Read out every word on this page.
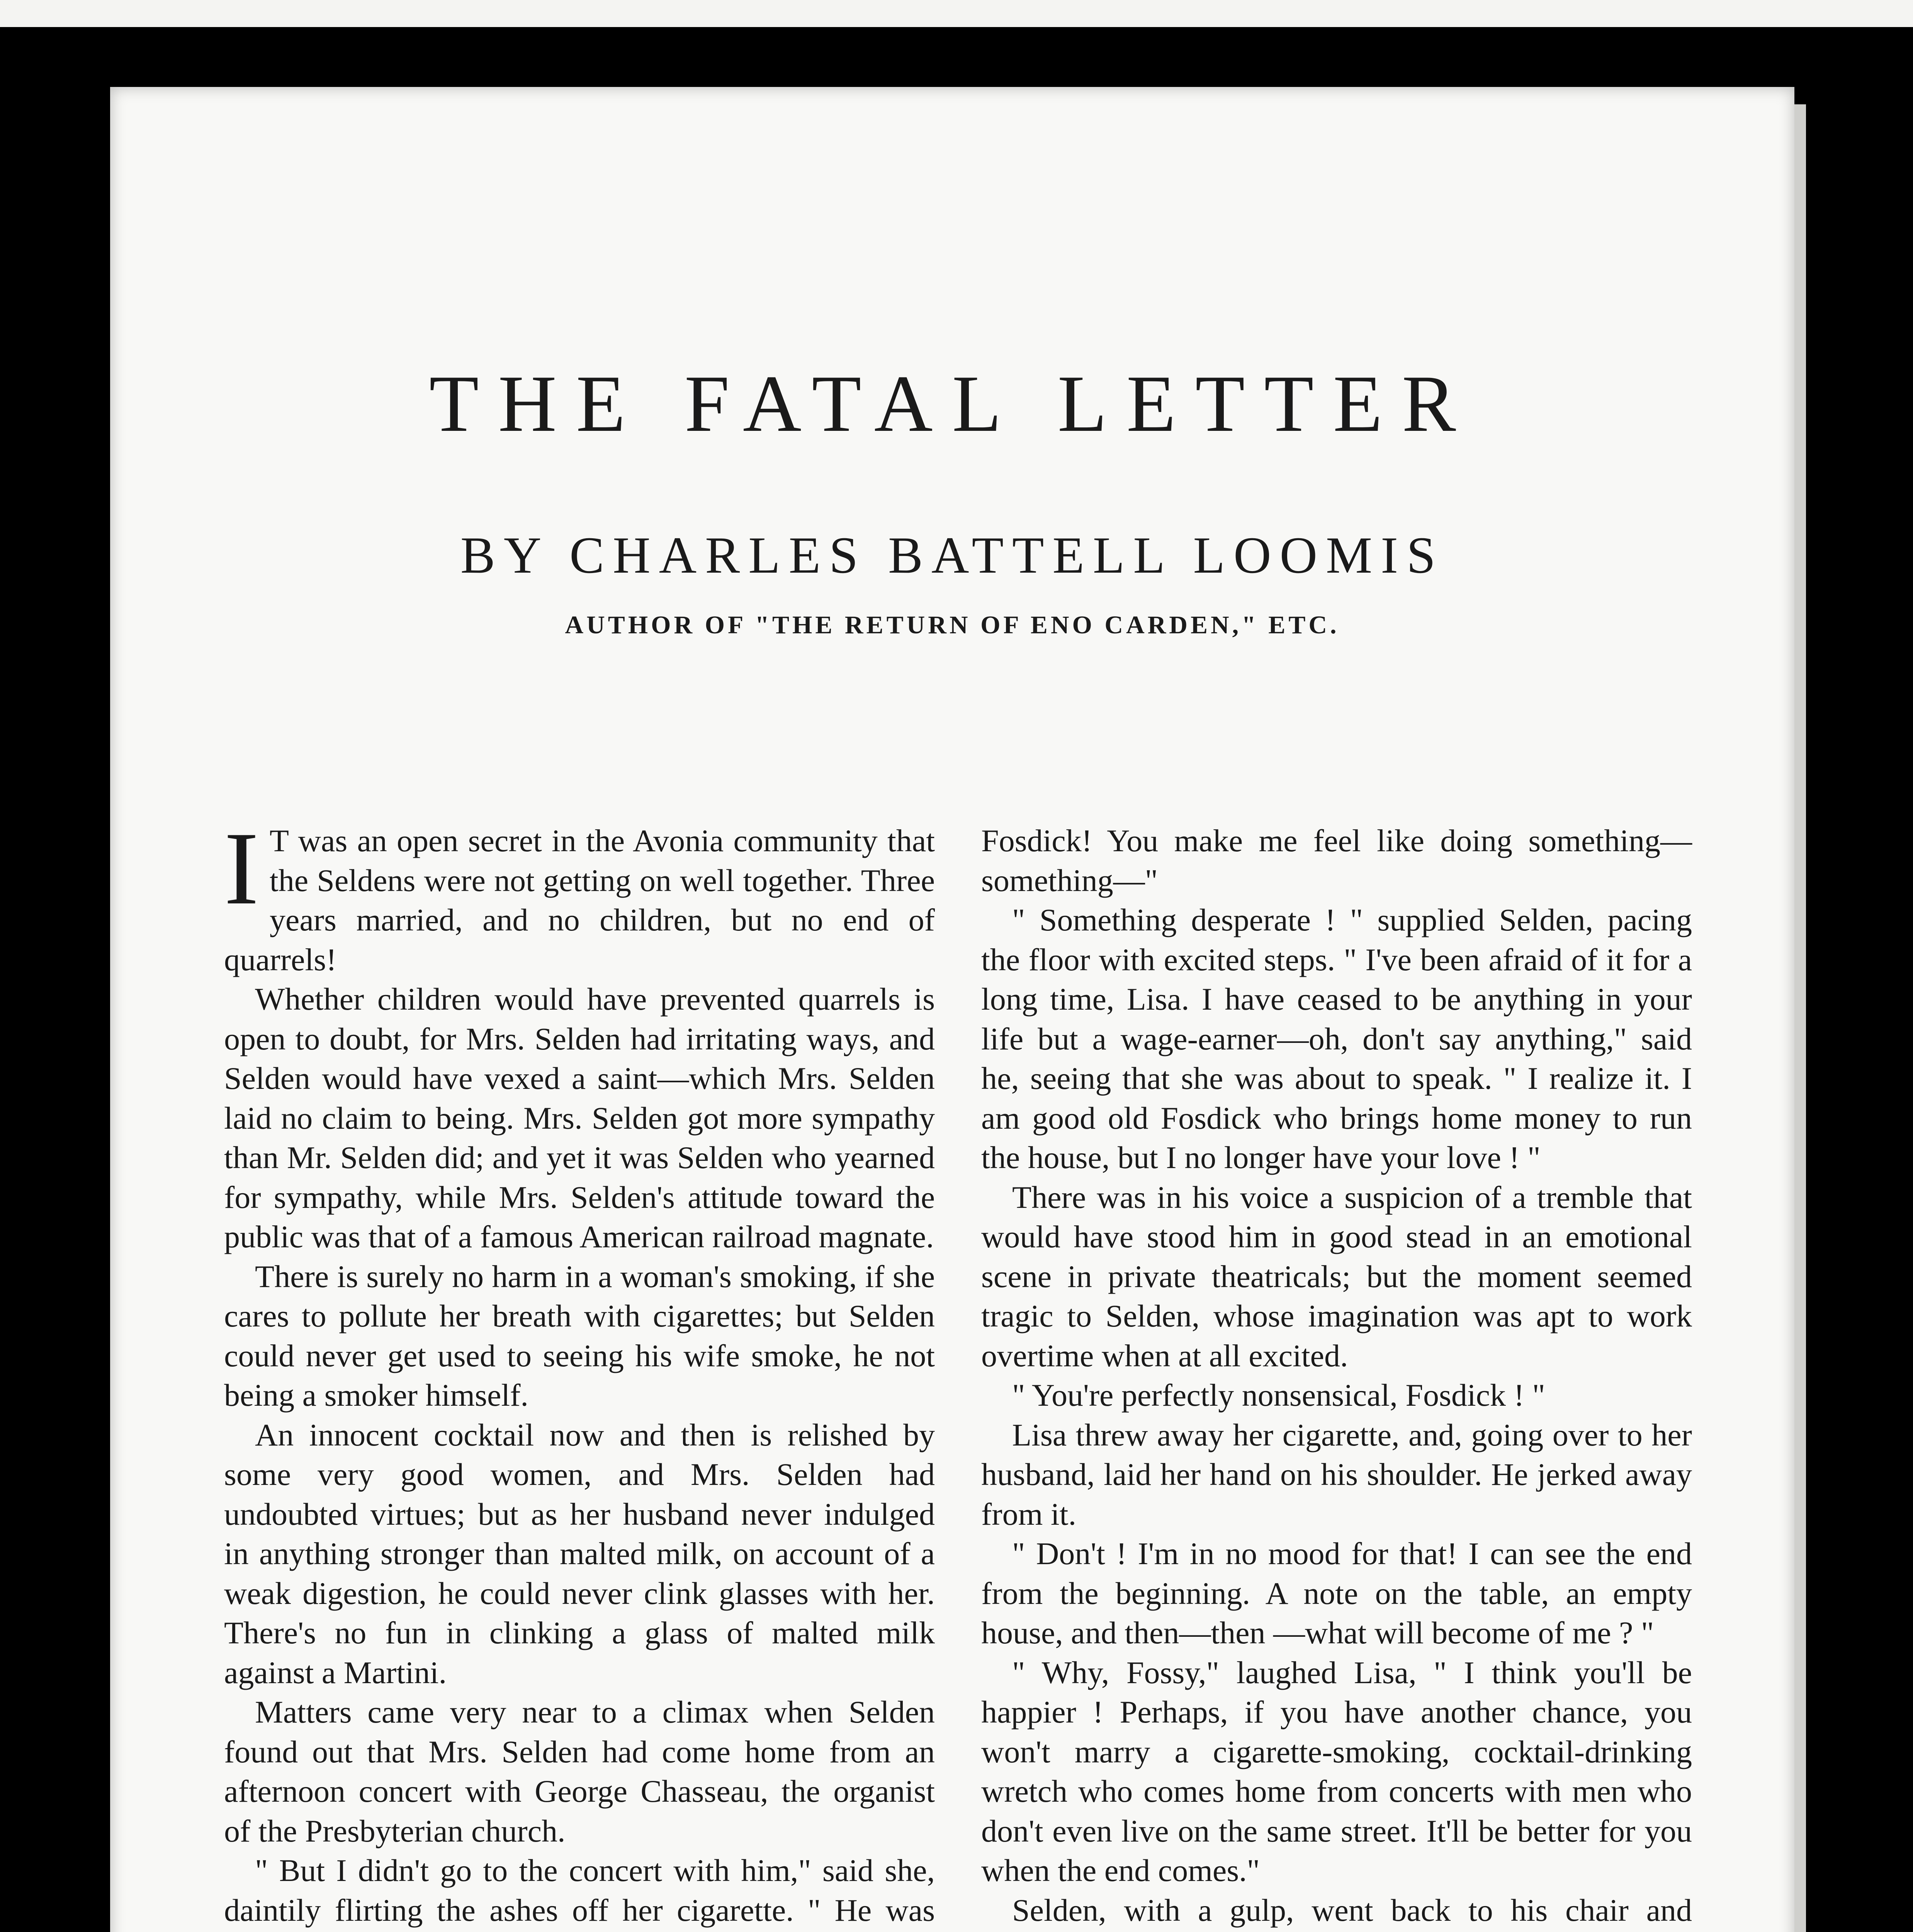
THE FATAL LETTER
BY CHARLES BATTELL LOOMIS
AUTHOR OF "THE RETURN OF ENO CARDEN," ETC.

I T was an open secret in the Avonia community that the Seldens were not getting on well together. Three years married, and no children, but no end of quarrels!

Whether children would have prevented quarrels is open to doubt, for Mrs. Selden had irritating ways, and Selden would have vexed a saint—which Mrs. Selden laid no claim to being. Mrs. Selden got more sympathy than Mr. Selden did; and yet it was Selden who yearned for sympathy, while Mrs. Selden's attitude toward the public was that of a famous American railroad magnate.

There is surely no harm in a woman's smoking, if she cares to pollute her breath with cigarettes; but Selden could never get used to seeing his wife smoke, he not being a smoker himself.

An innocent cocktail now and then is relished by some very good women, and Mrs. Selden had undoubted virtues; but as her husband never indulged in anything stronger than malted milk, on account of a weak digestion, he could never clink glasses with her. There's no fun in clinking a glass of malted milk against a Martini.

Matters came very near to a climax when Selden found out that Mrs. Selden had come home from an afternoon concert with George Chasseau, the organist of the Presbyterian church.

" But I didn't go to the concert with him," said she, daintily flirting the ashes off her cigarette. " He was

Fosdick! You make me feel like doing something—something—"

" Something desperate ! " supplied Selden, pacing the floor with excited steps. " I've been afraid of it for a long time, Lisa. I have ceased to be anything in your life but a wage-earner—oh, don't say anything," said he, seeing that she was about to speak. " I realize it. I am good old Fosdick who brings home money to run the house, but I no longer have your love ! "

There was in his voice a suspicion of a tremble that would have stood him in good stead in an emotional scene in private theatricals; but the moment seemed tragic to Selden, whose imagination was apt to work overtime when at all excited.

" You're perfectly nonsensical, Fosdick ! "

Lisa threw away her cigarette, and, going over to her husband, laid her hand on his shoulder. He jerked away from it.

" Don't ! I'm in no mood for that! I can see the end from the beginning. A note on the table, an empty house, and then—then —what will become of me ? "

" Why, Fossy," laughed Lisa, " I think you'll be happier ! Perhaps, if you have another chance, you won't marry a cigarette-smoking, cocktail-drinking wretch who comes home from concerts with men who don't even live on the same street. It'll be better for you when the end comes."

Selden, with a gulp, went back to his chair and
